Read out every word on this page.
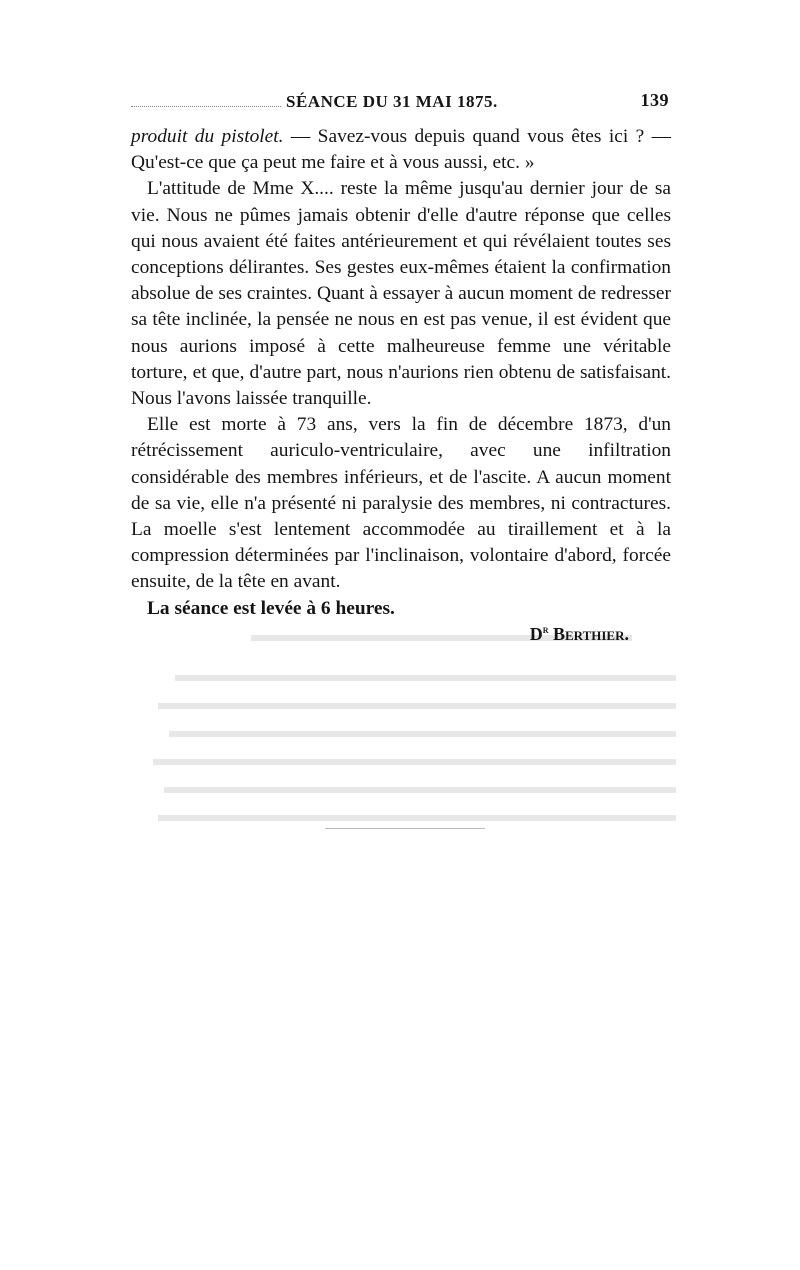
SÉANCE DU 31 MAI 1875.	139

produit du pistolet. — Savez-vous depuis quand vous êtes ici ? — Qu'est-ce que ça peut me faire et à vous aussi, etc. »

L'attitude de Mme X.... reste la même jusqu'au dernier jour de sa vie. Nous ne pûmes jamais obtenir d'elle d'autre réponse que celles qui nous avaient été faites antérieurement et qui révélaient toutes ses conceptions délirantes. Ses gestes eux-mêmes étaient la confirmation absolue de ses craintes. Quant à essayer à aucun moment de redresser sa tête inclinée, la pensée ne nous en est pas venue, il est évident que nous aurions imposé à cette malheureuse femme une véritable torture, et que, d'autre part, nous n'aurions rien obtenu de satisfaisant. Nous l'avons laissée tranquille.

Elle est morte à 73 ans, vers la fin de décembre 1873, d'un rétrécissement auriculo-ventriculaire, avec une infiltration considérable des membres inférieurs, et de l'ascite. A aucun moment de sa vie, elle n'a présenté ni paralysie des membres, ni contractures. La moelle s'est lentement accommodée au tiraillement et à la compression déterminées par l'inclinaison, volontaire d'abord, forcée ensuite, de la tête en avant.

La séance est levée à 6 heures.

$D^r$ Berthier.
